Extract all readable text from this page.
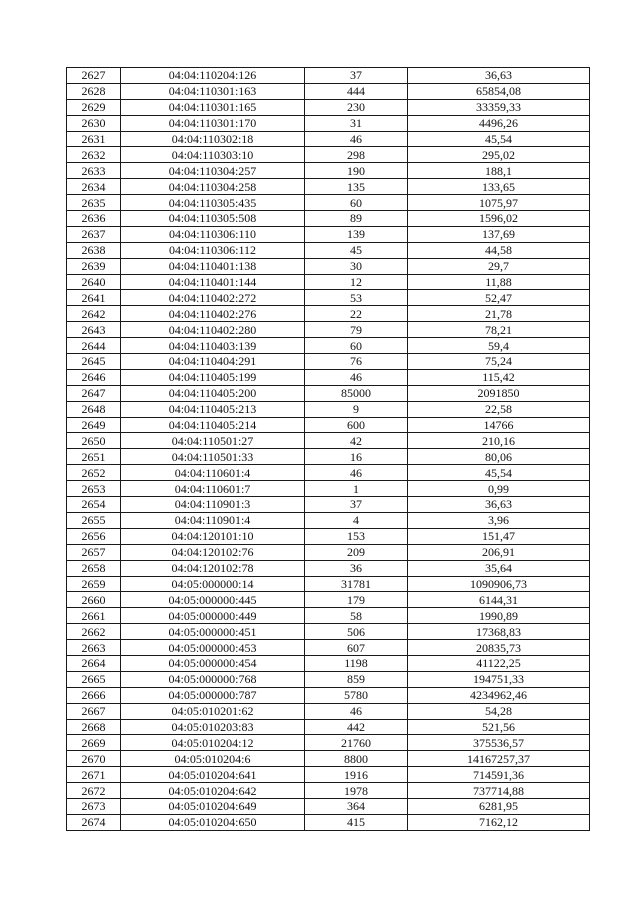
2627	04:04:110204:126	37	36,63
2628	04:04:110301:163	444	65854,08
2629	04:04:110301:165	230	33359,33
2630	04:04:110301:170	31	4496,26
2631	04:04:110302:18	46	45,54
2632	04:04:110303:10	298	295,02
2633	04:04:110304:257	190	188,1
2634	04:04:110304:258	135	133,65
2635	04:04:110305:435	60	1075,97
2636	04:04:110305:508	89	1596,02
2637	04:04:110306:110	139	137,69
2638	04:04:110306:112	45	44,58
2639	04:04:110401:138	30	29,7
2640	04:04:110401:144	12	11,88
2641	04:04:110402:272	53	52,47
2642	04:04:110402:276	22	21,78
2643	04:04:110402:280	79	78,21
2644	04:04:110403:139	60	59,4
2645	04:04:110404:291	76	75,24
2646	04:04:110405:199	46	115,42
2647	04:04:110405:200	85000	2091850
2648	04:04:110405:213	9	22,58
2649	04:04:110405:214	600	14766
2650	04:04:110501:27	42	210,16
2651	04:04:110501:33	16	80,06
2652	04:04:110601:4	46	45,54
2653	04:04:110601:7	1	0,99
2654	04:04:110901:3	37	36,63
2655	04:04:110901:4	4	3,96
2656	04:04:120101:10	153	151,47
2657	04:04:120102:76	209	206,91
2658	04:04:120102:78	36	35,64
2659	04:05:000000:14	31781	1090906,73
2660	04:05:000000:445	179	6144,31
2661	04:05:000000:449	58	1990,89
2662	04:05:000000:451	506	17368,83
2663	04:05:000000:453	607	20835,73
2664	04:05:000000:454	1198	41122,25
2665	04:05:000000:768	859	194751,33
2666	04:05:000000:787	5780	4234962,46
2667	04:05:010201:62	46	54,28
2668	04:05:010203:83	442	521,56
2669	04:05:010204:12	21760	375536,57
2670	04:05:010204:6	8800	14167257,37
2671	04:05:010204:641	1916	714591,36
2672	04:05:010204:642	1978	737714,88
2673	04:05:010204:649	364	6281,95
2674	04:05:010204:650	415	7162,12
